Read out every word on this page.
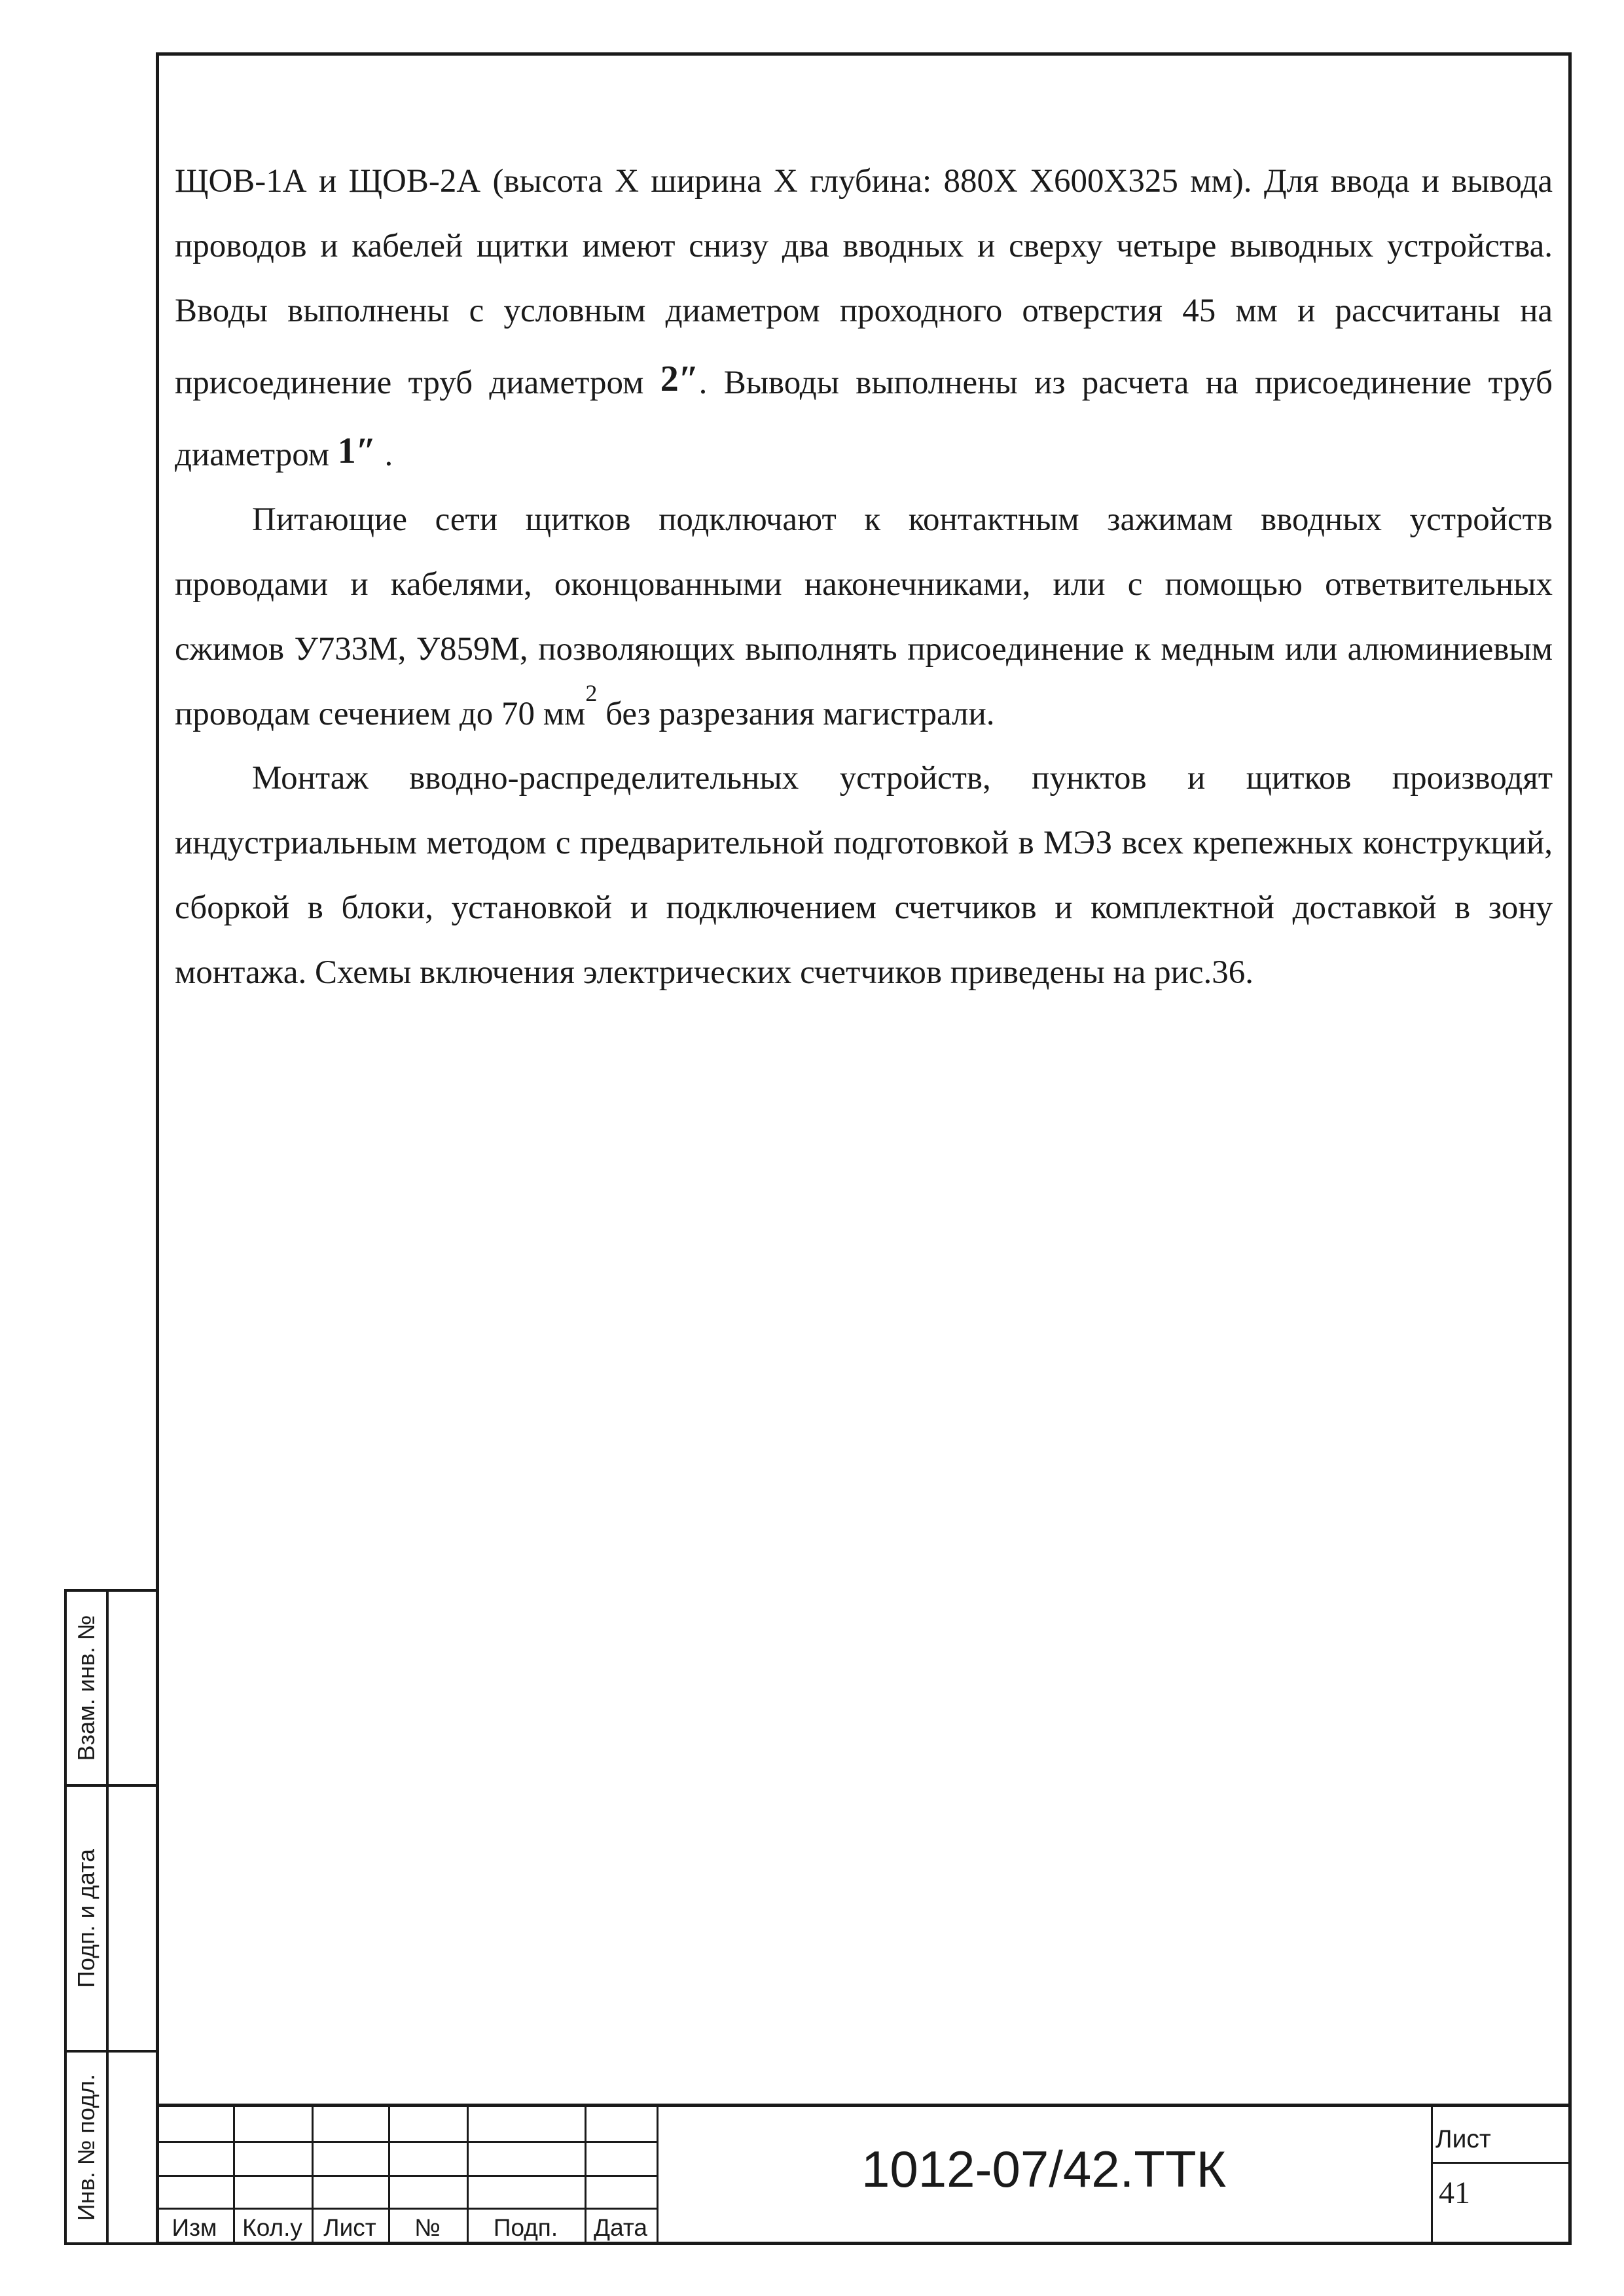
ЩОВ-1А и ЩОВ-2А (высота Х ширина Х глубина: 880Х Х600Х325 мм). Для ввода и вывода проводов и кабелей щитки имеют снизу два вводных и сверху четыре выводных устройства. Вводы выполнены с условным диаметром проходного отверстия 45 мм и рассчитаны на присоединение труб диаметром 2″. Выводы выполнены из расчета на присоединение труб диаметром 1″ .

Питающие сети щитков подключают к контактным зажимам вводных устройств проводами и кабелями, оконцованными наконечниками, или с помощью ответвительных сжимов У733М, У859М, позволяющих выполнять присоединение к медным или алюминиевым проводам сечением до 70 $мм^2$ без разрезания магистрали.

Монтаж вводно-распределительных устройств, пунктов и щитков производят индустриальным методом с предварительной подготовкой в МЭЗ всех крепежных конструкций, сборкой в блоки, установкой и подключением счетчиков и комплектной доставкой в зону монтажа. Схемы включения электрических счетчиков приведены на рис.36.

Взам. инв. №
Подп. и дата
Инв. № подл.
Изм	Кол.у Лист	№	Подп.	Дата
1012-07/42.ТТК
Лист
41
